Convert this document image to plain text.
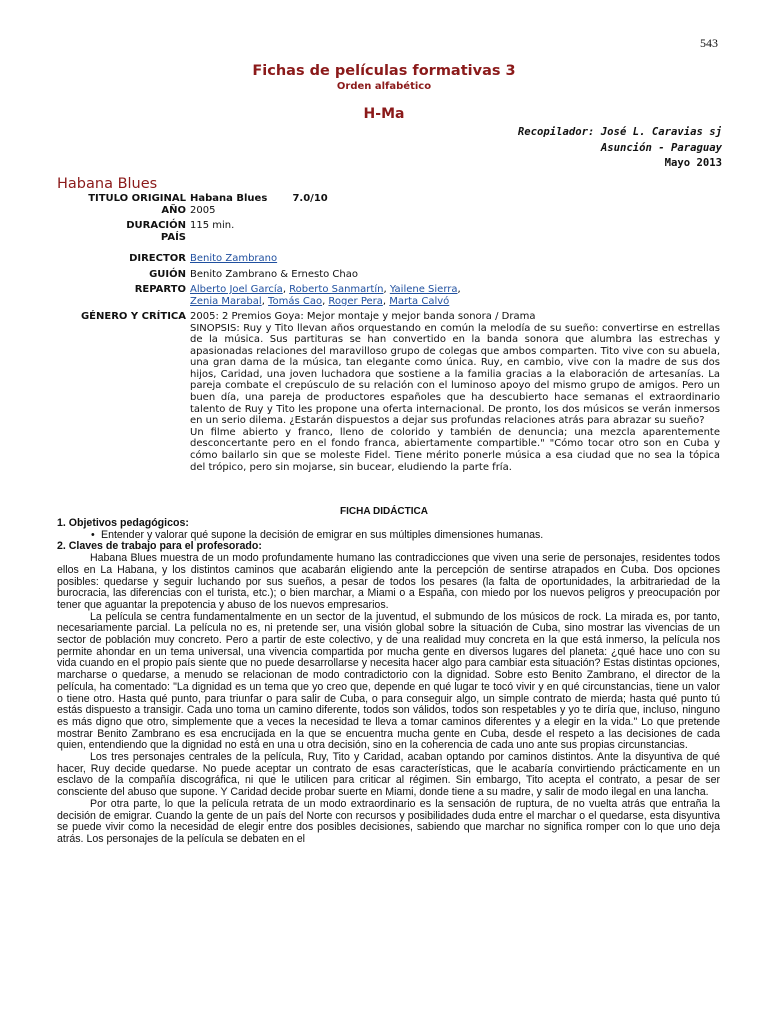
543
Fichas de películas formativas 3
Orden alfabético
H-Ma
Recopilador: José L. Caravias sj
Asunción - Paraguay
Mayo 2013
Habana Blues
TITULO ORIGINAL	Habana Blues 7.0/10
AÑO	2005

DURACIÓN	115 min.
PAÍS	

DIRECTOR	Benito Zambrano

GUIÓN	Benito Zambrano & Ernesto Chao

REPARTO	Alberto Joel García, Roberto Sanmartín, Yailene Sierra,
Zenia Marabal, Tomás Cao, Roger Pera, Marta Calvó

GÉNERO Y CRÍTICA	2005: 2 Premios Goya: Mejor montaje y mejor banda sonora / Drama
SINOPSIS: Ruy y Tito llevan años orquestando en común la melodía de su sueño: convertirse en estrellas de la música. Sus partituras se han convertido en la banda sonora que alumbra las estrechas y apasionadas relaciones del maravilloso grupo de colegas que ambos comparten. Tito vive con su abuela, una gran dama de la música, tan elegante como única. Ruy, en cambio, vive con la madre de sus dos hijos, Caridad, una joven luchadora que sostiene a la familia gracias a la elaboración de artesanías. La pareja combate el crepúsculo de su relación con el luminoso apoyo del mismo grupo de amigos. Pero un buen día, una pareja de productores españoles que ha descubierto hace semanas el extraordinario talento de Ruy y Tito les propone una oferta internacional. De pronto, los dos músicos se verán inmersos en un serio dilema. ¿Estarán dispuestos a dejar sus profundas relaciones atrás para abrazar su sueño?
Un filme abierto y franco, lleno de colorido y también de denuncia; una mezcla aparentemente desconcertante pero en el fondo franca, abiertamente compartible." "Cómo tocar otro son en Cuba y cómo bailarlo sin que se moleste Fidel. Tiene mérito ponerle música a esa ciudad que no sea la tópica del trópico, pero sin mojarse, sin bucear, eludiendo la parte fría.
FICHA DIDÁCTICA
1. Objetivos pedagógicos:
• Entender y valorar qué supone la decisión de emigrar en sus múltiples dimensiones humanas.
2. Claves de trabajo para el profesorado:

Habana Blues muestra de un modo profundamente humano las contradicciones que viven una serie de personajes, residentes todos ellos en La Habana, y los distintos caminos que acabarán eligiendo ante la percepción de sentirse atrapados en Cuba. Dos opciones posibles: quedarse y seguir luchando por sus sueños, a pesar de todos los pesares (la falta de oportunidades, la arbitrariedad de la burocracia, las diferencias con el turista, etc.); o bien marchar, a Miami o a España, con miedo por los nuevos peligros y preocupación por tener que aguantar la prepotencia y abuso de los nuevos empresarios.

La película se centra fundamentalmente en un sector de la juventud, el submundo de los músicos de rock. La mirada es, por tanto, necesariamente parcial. La película no es, ni pretende ser, una visión global sobre la situación de Cuba, sino mostrar las vivencias de un sector de población muy concreto. Pero a partir de este colectivo, y de una realidad muy concreta en la que está inmerso, la película nos permite ahondar en un tema universal, una vivencia compartida por mucha gente en diversos lugares del planeta: ¿qué hace uno con su vida cuando en el propio país siente que no puede desarrollarse y necesita hacer algo para cambiar esta situación? Estas distintas opciones, marcharse o quedarse, a menudo se relacionan de modo contradictorio con la dignidad. Sobre esto Benito Zambrano, el director de la película, ha comentado: "La dignidad es un tema que yo creo que, depende en qué lugar te tocó vivir y en qué circunstancias, tiene un valor o tiene otro. Hasta qué punto, para triunfar o para salir de Cuba, o para conseguir algo, un simple contrato de mierda; hasta qué punto tú estás dispuesto a transigir. Cada uno toma un camino diferente, todos son válidos, todos son respetables y yo te diría que, incluso, ninguno es más digno que otro, simplemente que a veces la necesidad te lleva a tomar caminos diferentes y a elegir en la vida." Lo que pretende mostrar Benito Zambrano es esa encrucijada en la que se encuentra mucha gente en Cuba, desde el respeto a las decisiones de cada quien, entendiendo que la dignidad no está en una u otra decisión, sino en la coherencia de cada uno ante sus propias circunstancias.

Los tres personajes centrales de la película, Ruy, Tito y Caridad, acaban optando por caminos distintos. Ante la disyuntiva de qué hacer, Ruy decide quedarse. No puede aceptar un contrato de esas características, que le acabaría convirtiendo prácticamente en un esclavo de la compañía discográfica, ni que le utilicen para criticar al régimen. Sin embargo, Tito acepta el contrato, a pesar de ser consciente del abuso que supone. Y Caridad decide probar suerte en Miami, donde tiene a su madre, y salir de modo ilegal en una lancha.

Por otra parte, lo que la película retrata de un modo extraordinario es la sensación de ruptura, de no vuelta atrás que entraña la decisión de emigrar. Cuando la gente de un país del Norte con recursos y posibilidades duda entre el marchar o el quedarse, esta disyuntiva se puede vivir como la necesidad de elegir entre dos posibles decisiones, sabiendo que marchar no significa romper con lo que uno deja atrás. Los personajes de la película se debaten en el
